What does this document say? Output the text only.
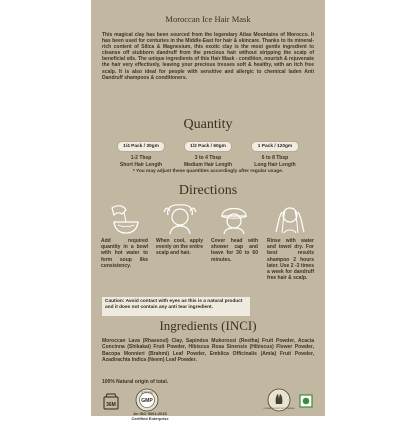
Moroccan Ice Hair Mask

This magical clay has been sourced from the legendary Atlas Mountains of Morocco. It has been used for centuries in the Middle-East for hair & skincare. Thanks to its mineral-rich content of Silica & Magnesium, this exotic clay is the most gentle ingredient to cleanse off stubborn dandruff from the precious hair without stripping the scalp of beneficial oils. The unique ingredients of this Hair Mask - condition, nourish & rejuvenate the hair very effectively, leaving your precious tresses soft & healthy, with an itch free scalp. It is also ideal for people with sensitive and allergic to chemical laden Anti Dandruff shampoos & conditioners.

Quantity
1/4 Pack / 30gm
1-2 Tbsp
Short Hair Length
1/2 Pack / 60gm
3 to 4 Tbsp
Medium Hair Length
1 Pack / 120gm
6 to 8 Tbsp
Long Hair Length
* You may adjust these quantities accordingly after regular usage.
Directions
Add required quantity in a bowl with hot water to form soup like consistency.
When cool, apply evenly on the entire scalp and hair.
Cover head with shower cap and leave for 30 to 60 minutes.
Rinse with water and towel dry. For best results shampoo 2 hours later. Use 2 -3 times a week for dandruff free hair & scalp.
Caution: Avoid contact with eyes as this is a natural product and it does not contain any anti tear ingredient.
Ingredients (INCI)
Moroccan Lava (Rhassoul) Clay, Sapindus Mukorossi (Reetha) Fruit Powder, Acacia Concinna (Shikakai) Fruit Powder, Hibiscus Rosa Sinensis (Hibiscus) Flower Powder, Bacopa Monnieri (Brahmi) Leaf Powder, Emblica Officinalis (Amla) Fruit Powder, Azadirachta Indica (Neem) Leaf Powder.
100% Natural origin of total.
36M
CERTIFIED
GMP
An ISO 9001:2015
Certified Enterprise
LOVE ANIMALS DON'T TEST ON ANIMALS
